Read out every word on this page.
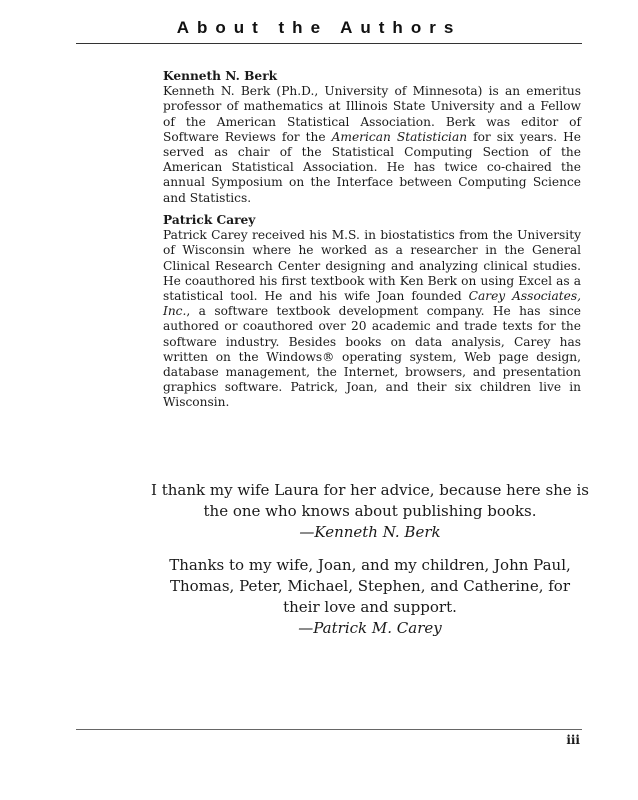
About the Authors
Kenneth N. Berk
Kenneth N. Berk (Ph.D., University of Minnesota) is an emeritus professor of mathematics at Illinois State University and a Fellow of the American Statistical Association. Berk was editor of Software Reviews for the American Statistician for six years. He served as chair of the Statistical Computing Section of the American Statistical Association. He has twice co-chaired the annual Symposium on the Interface between Computing Science and Statistics.
Patrick Carey
Patrick Carey received his M.S. in biostatistics from the University of Wisconsin where he worked as a researcher in the General Clinical Research Center designing and analyzing clinical studies. He coauthored his first textbook with Ken Berk on using Excel as a statistical tool. He and his wife Joan founded Carey Associates, Inc., a software textbook development company. He has since authored or coauthored over 20 academic and trade texts for the software industry. Besides books on data analysis, Carey has written on the Windows® operating system, Web page design, database management, the Internet, browsers, and presentation graphics software. Patrick, Joan, and their six children live in Wisconsin.
I thank my wife Laura for her advice, because here she is the one who knows about publishing books.
—Kenneth N. Berk
Thanks to my wife, Joan, and my children, John Paul, Thomas, Peter, Michael, Stephen, and Catherine, for their love and support.
—Patrick M. Carey
iii
